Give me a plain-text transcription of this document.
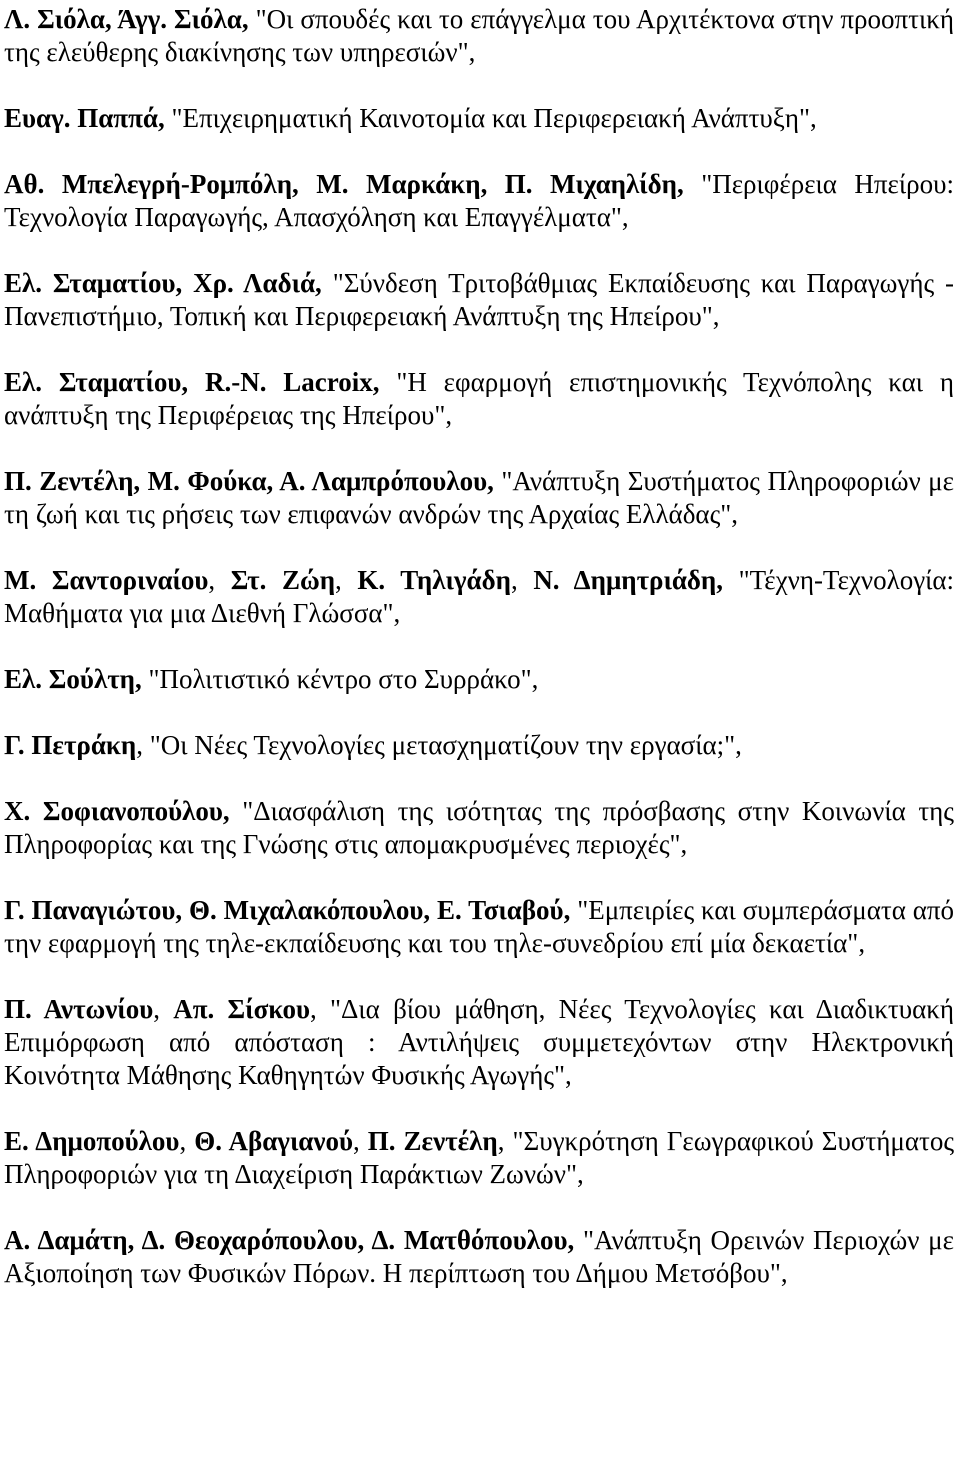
Λ. Σιόλα, Άγγ. Σιόλα, "Οι σπουδές και το επάγγελμα του Αρχιτέκτονα στην προοπτική της ελεύθερης διακίνησης των υπηρεσιών",

Ευαγ. Παππά, "Επιχειρηματική Καινοτομία και Περιφερειακή Ανάπτυξη",

Αθ. Μπελεγρή-Ρομπόλη, Μ. Μαρκάκη, Π. Μιχαηλίδη, "Περιφέρεια Ηπείρου: Τεχνολογία Παραγωγής, Απασχόληση και Επαγγέλματα",

Ελ. Σταματίου, Χρ. Λαδιά, "Σύνδεση Τριτοβάθμιας Εκπαίδευσης και Παραγωγής - Πανεπιστήμιο, Τοπική και Περιφερειακή Ανάπτυξη της Ηπείρου",

Ελ. Σταματίου, R.-N. Lacroix, "Η εφαρμογή επιστημονικής Τεχνόπολης και η ανάπτυξη της Περιφέρειας της Ηπείρου",

Π. Ζεντέλη, Μ. Φούκα, Α. Λαμπρόπουλου, "Ανάπτυξη Συστήματος Πληροφοριών με τη ζωή και τις ρήσεις των επιφανών ανδρών της Αρχαίας Ελλάδας",

Μ. Σαντοριναίου, Στ. Ζώη, Κ. Τηλιγάδη, Ν. Δημητριάδη, "Τέχνη-Τεχνολογία: Μαθήματα για μια Διεθνή Γλώσσα",

Ελ. Σούλτη, "Πολιτιστικό κέντρο στο Συρράκο",

Γ. Πετράκη, "Οι Νέες Τεχνολογίες μετασχηματίζουν την εργασία;",

Χ. Σοφιανοπούλου, "Διασφάλιση της ισότητας της πρόσβασης στην Κοινωνία της Πληροφορίας και της Γνώσης στις απομακρυσμένες περιοχές",

Γ. Παναγιώτου, Θ. Μιχαλακόπουλου, Ε. Τσιαβού, "Εμπειρίες και συμπεράσματα από την εφαρμογή της τηλε-εκπαίδευσης και του τηλε-συνεδρίου επί μία δεκαετία",

Π. Αντωνίου, Απ. Σίσκου, "Δια βίου μάθηση, Νέες Τεχνολογίες και Διαδικτυακή Επιμόρφωση από απόσταση : Αντιλήψεις συμμετεχόντων στην Ηλεκτρονική Κοινότητα Μάθησης Καθηγητών Φυσικής Αγωγής",

Ε. Δημοπούλου, Θ. Αβαγιανού, Π. Ζεντέλη, "Συγκρότηση Γεωγραφικού Συστήματος Πληροφοριών για τη Διαχείριση Παράκτιων Ζωνών",

Α. Δαμάτη, Δ. Θεοχαρόπουλου, Δ. Ματθόπουλου, "Ανάπτυξη Ορεινών Περιοχών με Αξιοποίηση των Φυσικών Πόρων. Η περίπτωση του Δήμου Μετσόβου",
